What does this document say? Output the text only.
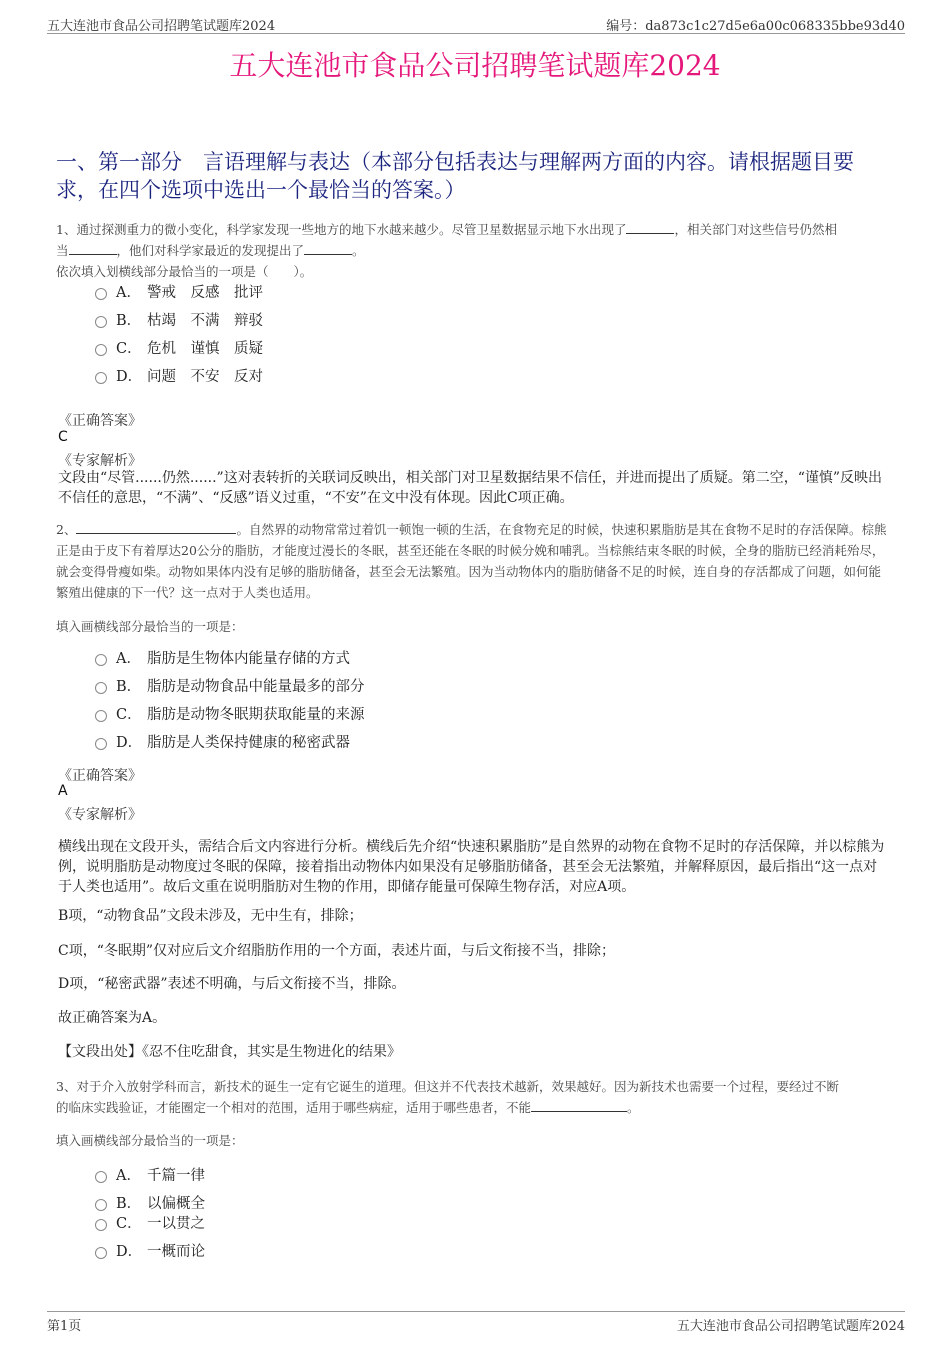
五大连池市食品公司招聘笔试题库2024	编号：da873c1c27d5e6a00c068335bbe93d40
五大连池市食品公司招聘笔试题库2024
一、第一部分　言语理解与表达（本部分包括表达与理解两方面的内容。请根据题目要求，在四个选项中选出一个最恰当的答案。）
1、通过探测重力的微小变化，科学家发现一些地方的地下水越来越少。尽管卫星数据显示地下水出现了	，相关部门对这些信号仍然相
当	，他们对科学家最近的发现提出了	。
依次填入划横线部分最恰当的一项是（　　）。
A． 警戒　反感　批评
B． 枯竭　不满　辩驳
C． 危机　谨慎　质疑
D． 问题　不安　反对
《正确答案》
C
《专家解析》
文段由“尽管......仍然......”这对表转折的关联词反映出，相关部门对卫星数据结果不信任，并进而提出了质疑。第二空，“谨慎”反映出不信任的意思，“不满”、“反感”语义过重，“不安”在文中没有体现。因此C项正确。
2、	。自然界的动物常常过着饥一顿饱一顿的生活，在食物充足的时候，快速积累脂肪是其在食物不足时的存活保障。棕熊正是由于皮下有着厚达20公分的脂肪，才能度过漫长的冬眠，甚至还能在冬眠的时候分娩和哺乳。当棕熊结束冬眠的时候，全身的脂肪已经消耗殆尽，就会变得骨瘦如柴。动物如果体内没有足够的脂肪储备，甚至会无法繁殖。因为当动物体内的脂肪储备不足的时候，连自身的存活都成了问题，如何能繁殖出健康的下一代？这一点对于人类也适用。
填入画横线部分最恰当的一项是：
A． 脂肪是生物体内能量存储的方式
B． 脂肪是动物食品中能量最多的部分
C． 脂肪是动物冬眠期获取能量的来源
D． 脂肪是人类保持健康的秘密武器
《正确答案》
A
《专家解析》
横线出现在文段开头，需结合后文内容进行分析。横线后先介绍“快速积累脂肪”是自然界的动物在食物不足时的存活保障，并以棕熊为例，说明脂肪是动物度过冬眠的保障，接着指出动物体内如果没有足够脂肪储备，甚至会无法繁殖，并解释原因，最后指出“这一点对于人类也适用”。故后文重在说明脂肪对生物的作用，即储存能量可保障生物存活，对应A项。
B项，“动物食品”文段未涉及，无中生有，排除；
C项，“冬眠期”仅对应后文介绍脂肪作用的一个方面，表述片面，与后文衔接不当，排除；
D项，“秘密武器”表述不明确，与后文衔接不当，排除。
故正确答案为A。
【文段出处】《忍不住吃甜食，其实是生物进化的结果》
3、对于介入放射学科而言，新技术的诞生一定有它诞生的道理。但这并不代表技术越新，效果越好。因为新技术也需要一个过程，要经过不断
的临床实践验证，才能圈定一个相对的范围，适用于哪些病症，适用于哪些患者，不能	。
填入画横线部分最恰当的一项是：
A． 千篇一律
B． 以偏概全
C． 一以贯之
D． 一概而论
第1页	五大连池市食品公司招聘笔试题库2024
